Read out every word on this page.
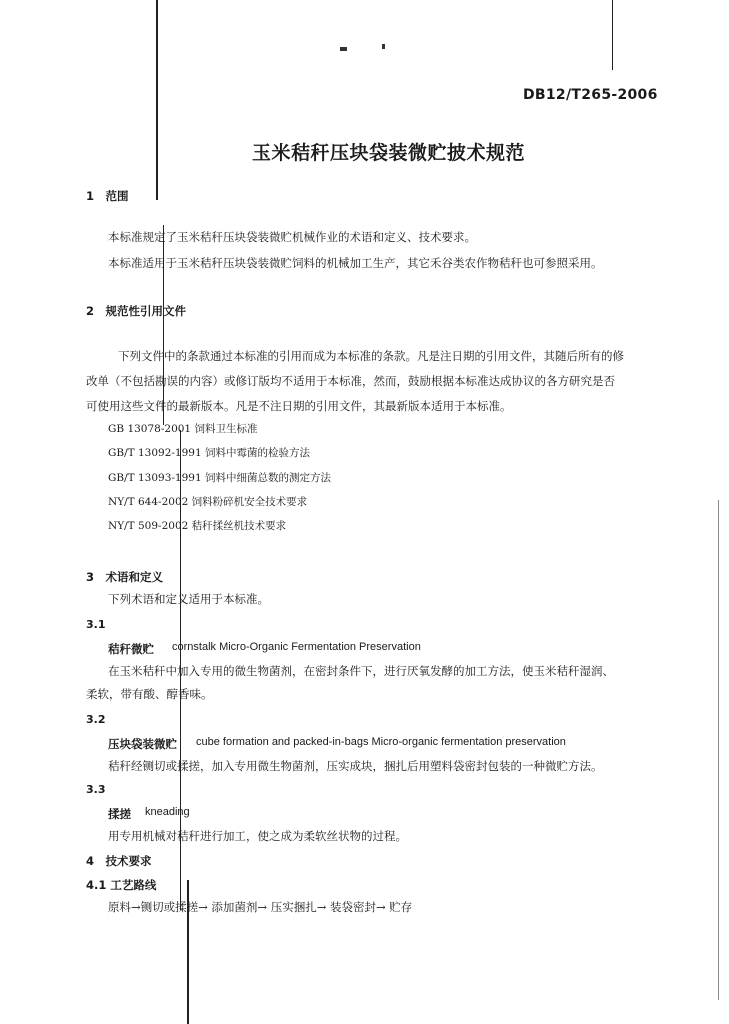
DB12/T265-2006
玉米秸秆压块袋装微贮披术规范
1　范围
本标准规定了玉米秸秆压块袋装微贮机械作业的术语和定义、技术要求。
本标准适用于玉米秸秆压块袋装微贮饲料的机械加工生产，其它禾谷类农作物秸秆也可参照采用。
2　规范性引用文件
下列文件中的条款通过本标准的引用而成为本标准的条款。凡是注日期的引用文件，其随后所有的修
改单（不包括勘误的内容）或修订版均不适用于本标准，然而，鼓励根据本标准达成协议的各方研究是否
可使用这些文件的最新版本。凡是不注日期的引用文件，其最新版本适用于本标准。
GB 13078-2001 饲料卫生标准
GB/T 13092-1991 饲料中霉菌的检验方法
GB/T 13093-1991 饲料中细菌总数的测定方法
NY/T 644-2002 饲料粉碎机安全技术要求
NY/T 509-2002 秸秆揉丝机技术要求
3　术语和定义
下列术语和定义适用于本标准。
3.1
秸秆微贮 cornstalk Micro-Organic Fermentation Preservation
在玉米秸秆中加入专用的微生物菌剂，在密封条件下，进行厌氧发酵的加工方法，使玉米秸秆湿润、
柔软，带有酸、醇香味。
3.2
压块袋装微贮 cube formation and packed-in-bags Micro-organic fermentation preservation
秸秆经铡切或揉搓，加入专用微生物菌剂，压实成块，捆扎后用塑料袋密封包装的一种微贮方法。
3.3
揉搓 kneading
用专用机械对秸秆进行加工，使之成为柔软丝状物的过程。
4　技术要求
4.1 工艺路线
原料→铡切或揉搓→ 添加菌剂→ 压实捆扎→ 装袋密封→ 贮存
